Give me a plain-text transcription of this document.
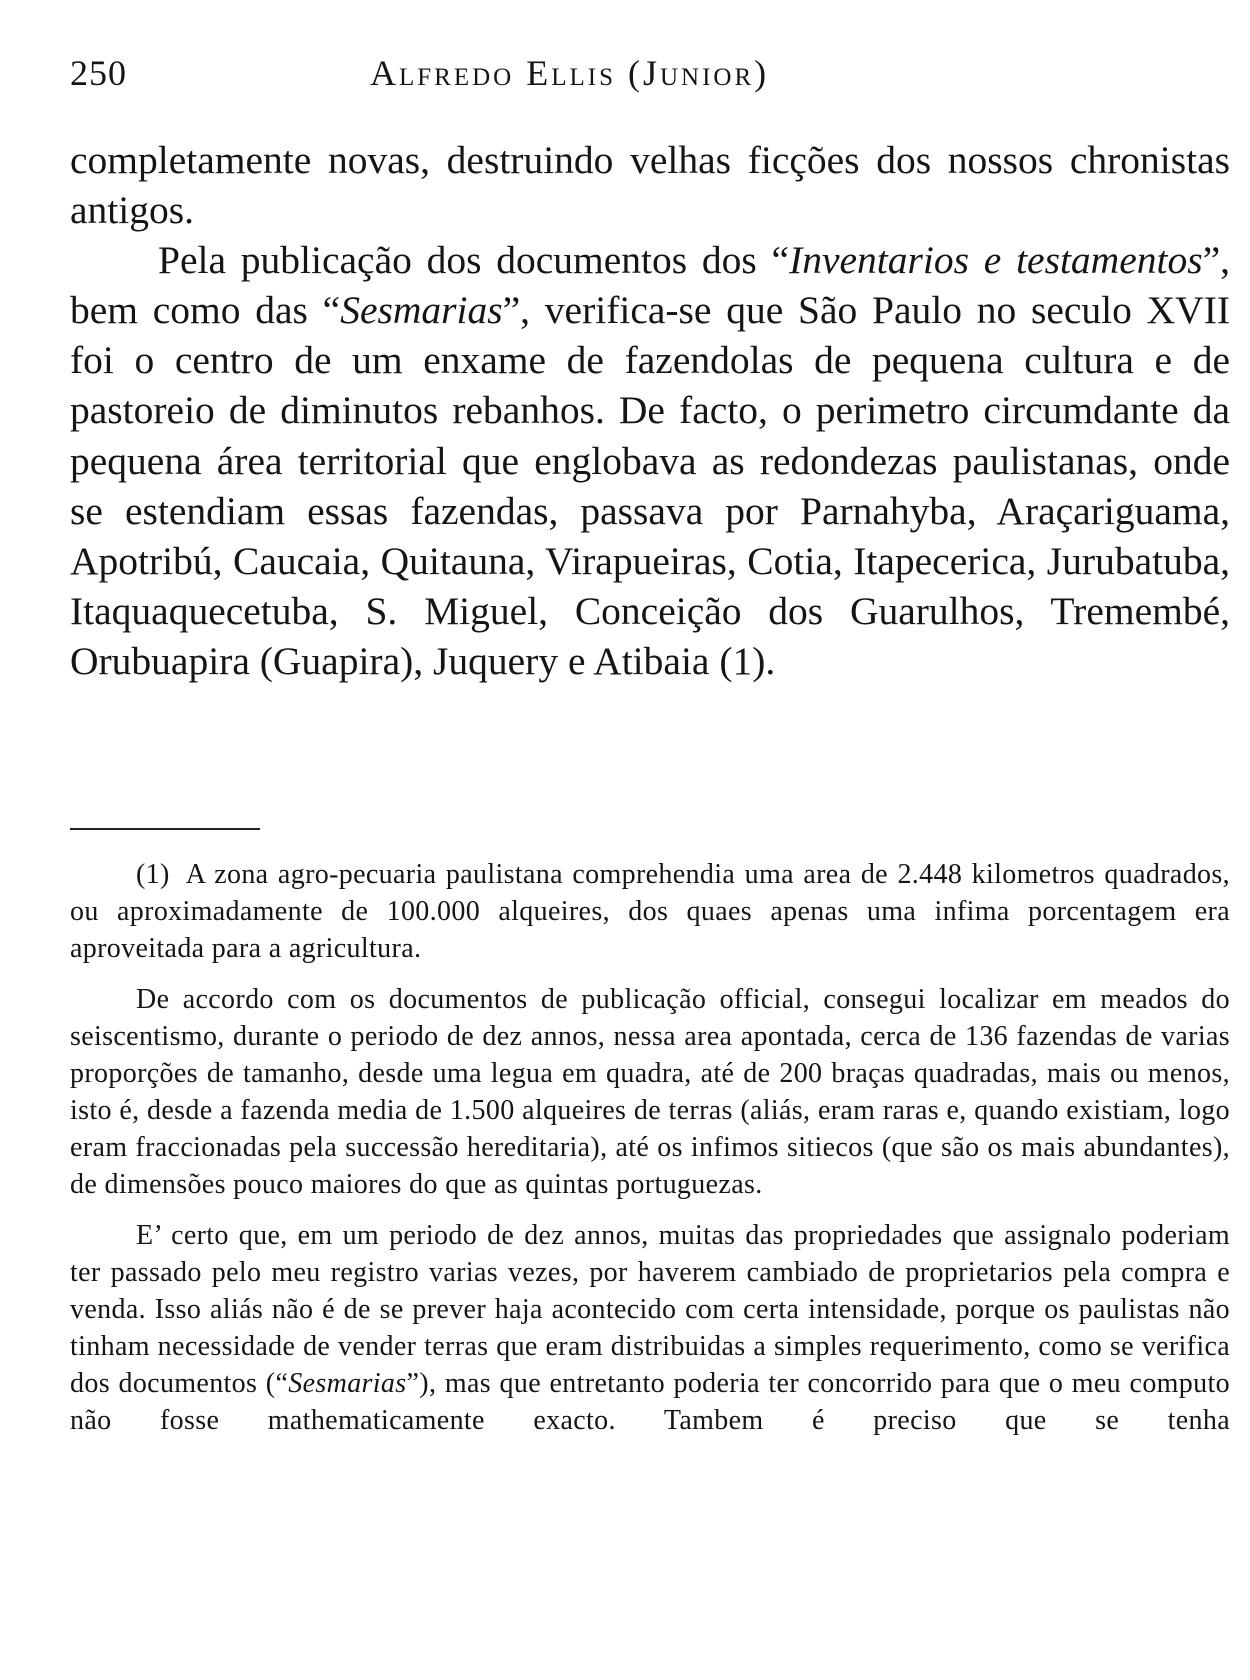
250	Alfredo Ellis (Junior)

completamente novas, destruindo velhas ficções dos nossos chronistas antigos.

Pela publicação dos documentos dos “Inventarios e testamentos”, bem como das “Sesmarias”, verifica-se que São Paulo no seculo XVII foi o centro de um enxame de fazendolas de pequena cultura e de pastoreio de diminutos rebanhos. De facto, o perimetro circumdante da pequena área territorial que englobava as redondezas paulistanas, onde se estendiam essas fazendas, passava por Parnahyba, Araçariguama, Apotribú, Caucaia, Quitauna, Virapueiras, Cotia, Itapecerica, Jurubatuba, Itaquaquecetuba, S. Miguel, Conceição dos Guarulhos, Tremembé, Orubuapira (Guapira), Juquery e Atibaia (1).

(1) A zona agro-pecuaria paulistana comprehendia uma area de 2.448 kilometros quadrados, ou aproximadamente de 100.000 alqueires, dos quaes apenas uma infima porcentagem era aproveitada para a agricultura.

De accordo com os documentos de publicação official, consegui localizar em meados do seiscentismo, durante o periodo de dez annos, nessa area apontada, cerca de 136 fazendas de varias proporções de tamanho, desde uma legua em quadra, até de 200 braças quadradas, mais ou menos, isto é, desde a fazenda media de 1.500 alqueires de terras (aliás, eram raras e, quando existiam, logo eram fraccionadas pela successão hereditaria), até os infimos sitiecos (que são os mais abundantes), de dimensões pouco maiores do que as quintas portuguezas.

E’ certo que, em um periodo de dez annos, muitas das propriedades que assignalo poderiam ter passado pelo meu registro varias vezes, por haverem cambiado de proprietarios pela compra e venda. Isso aliás não é de se prever haja acontecido com certa intensidade, porque os paulistas não tinham necessidade de vender terras que eram distribuidas a simples requerimento, como se verifica dos documentos (“Sesmarias”), mas que entretanto poderia ter concorrido para que o meu computo não fosse mathematicamente exacto. Tambem é preciso que se tenha
